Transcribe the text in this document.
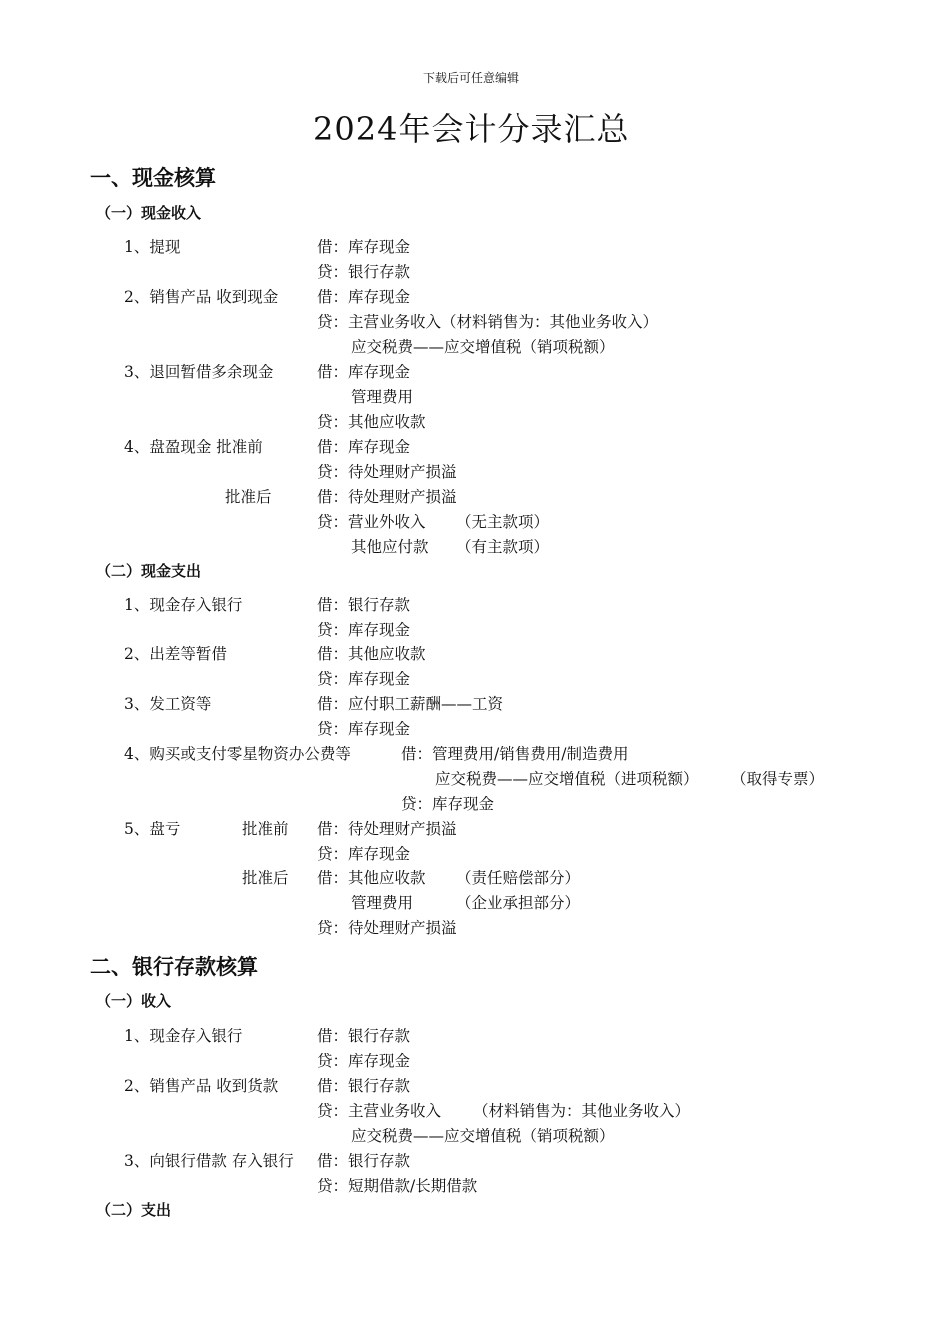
下载后可任意编辑
2024年会计分录汇总
一、现金核算
（一）现金收入
1、提现	借：库存现金
贷：银行存款
2、销售产品 收到现金 借：库存现金
贷：主营业务收入（材料销售为：其他业务收入）
应交税费——应交增值税（销项税额）
3、退回暂借多余现金	借：库存现金
管理费用
贷：其他应收款
4、盘盈现金 批准前	借：库存现金
贷：待处理财产损溢
批准后	借：待处理财产损溢
贷：营业外收入 （无主款项）
其他应付款 （有主款项）
（二）现金支出
1、现金存入银行	借：银行存款
贷：库存现金
2、出差等暂借	借：其他应收款
贷：库存现金
3、发工资等	借：应付职工薪酬——工资
贷：库存现金
4、购买或支付零星物资办公费等	借：管理费用/销售费用/制造费用
应交税费——应交增值税（进项税额） （取得专票）
贷：库存现金
5、盘亏	批准前 借：待处理财产损溢
贷：库存现金
批准后 借：其他应收款 （责任赔偿部分）
管理费用	（企业承担部分）
贷：待处理财产损溢
二、银行存款核算
（一）收入
1、现金存入银行	借：银行存款
贷：库存现金
2、销售产品 收到货款 借：银行存款
贷：主营业务收入 （材料销售为：其他业务收入）
应交税费——应交增值税（销项税额）
3、向银行借款 存入银行 借：银行存款
贷：短期借款/长期借款
（二）支出
